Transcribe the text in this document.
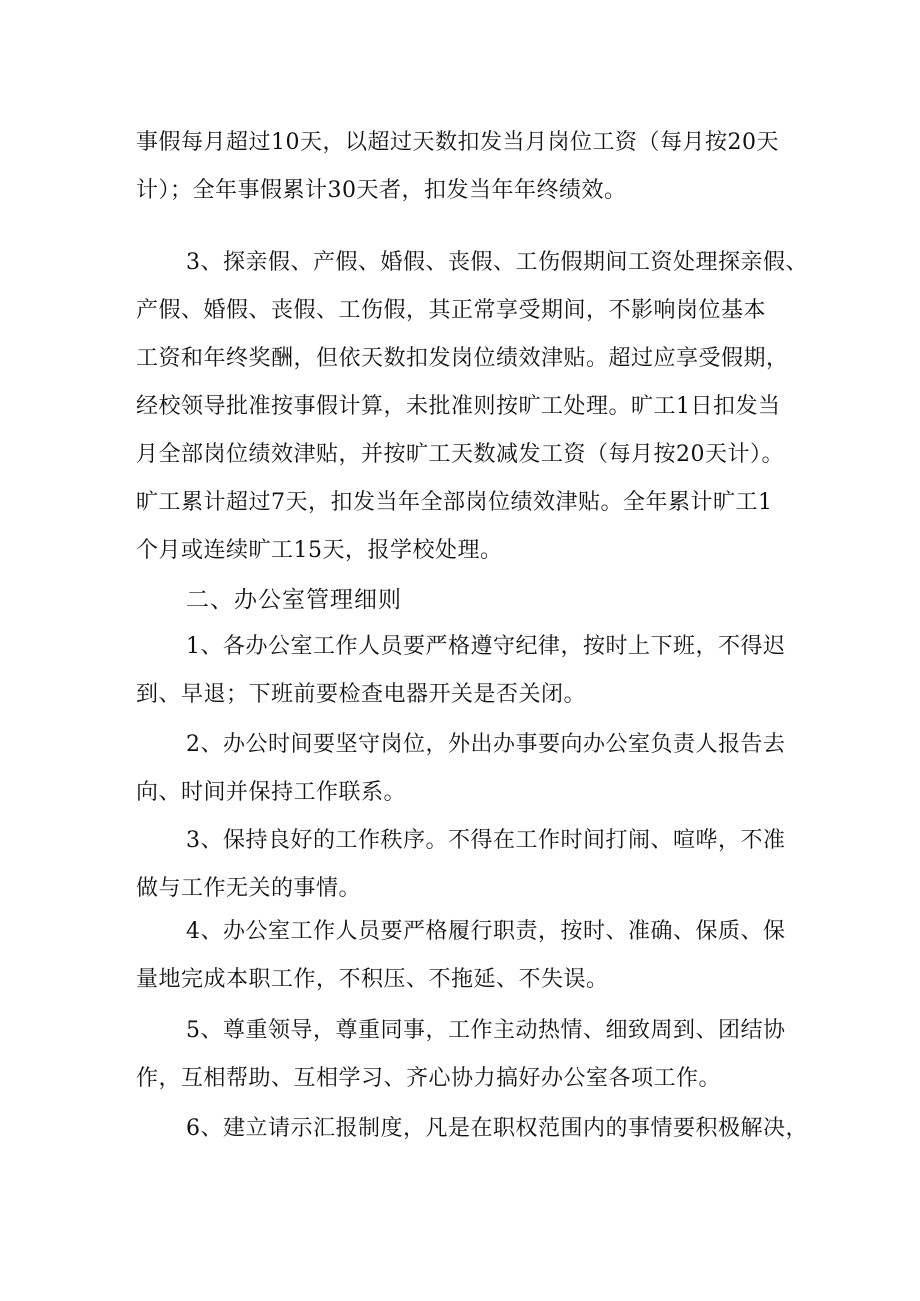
事假每月超过10天，以超过天数扣发当月岗位工资（每月按20天
计）；全年事假累计30天者，扣发当年年终绩效。
3、探亲假、产假、婚假、丧假、工伤假期间工资处理探亲假、
产假、婚假、丧假、工伤假，其正常享受期间，不影响岗位基本
工资和年终奖酬，但依天数扣发岗位绩效津贴。超过应享受假期，
经校领导批准按事假计算，未批准则按旷工处理。旷工1日扣发当
月全部岗位绩效津贴，并按旷工天数减发工资（每月按20天计）。
旷工累计超过7天，扣发当年全部岗位绩效津贴。全年累计旷工1
个月或连续旷工15天，报学校处理。
二、办公室管理细则
1、各办公室工作人员要严格遵守纪律，按时上下班，不得迟
到、早退；下班前要检查电器开关是否关闭。
2、办公时间要坚守岗位，外出办事要向办公室负责人报告去
向、时间并保持工作联系。
3、保持良好的工作秩序。不得在工作时间打闹、喧哗，不准
做与工作无关的事情。
4、办公室工作人员要严格履行职责，按时、准确、保质、保
量地完成本职工作，不积压、不拖延、不失误。
5、尊重领导，尊重同事，工作主动热情、细致周到、团结协
作，互相帮助、互相学习、齐心协力搞好办公室各项工作。
6、建立请示汇报制度，凡是在职权范围内的事情要积极解决，
